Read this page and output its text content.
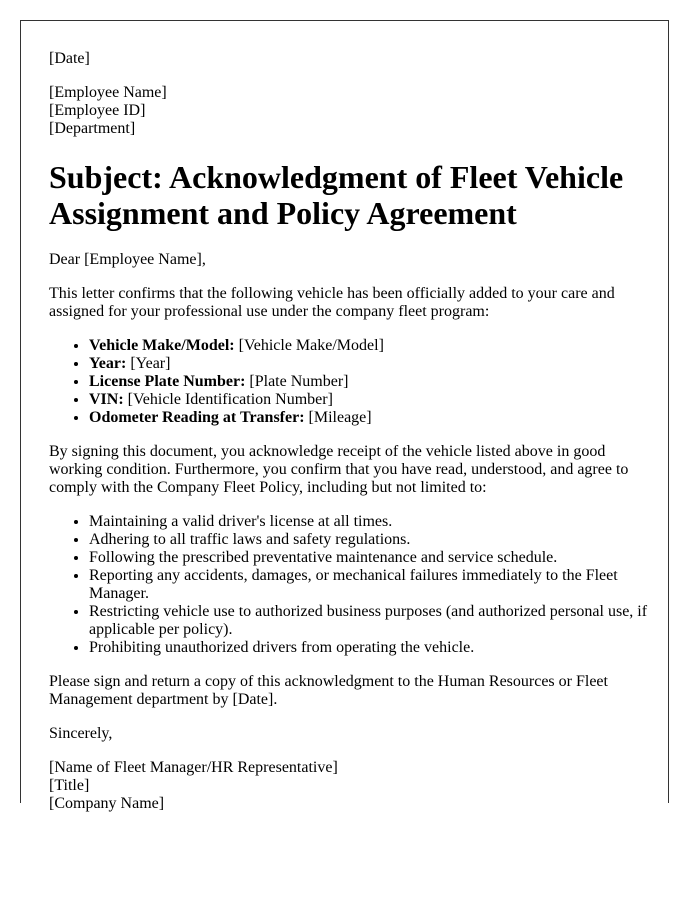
[Date]

[Employee Name]
[Employee ID]
[Department]

Subject: Acknowledgment of Fleet Vehicle Assignment and Policy Agreement

Dear [Employee Name],

This letter confirms that the following vehicle has been officially added to your care and assigned for your professional use under the company fleet program:

• Vehicle Make/Model: [Vehicle Make/Model]
• Year: [Year]
• License Plate Number: [Plate Number]
• VIN: [Vehicle Identification Number]
• Odometer Reading at Transfer: [Mileage]

By signing this document, you acknowledge receipt of the vehicle listed above in good working condition. Furthermore, you confirm that you have read, understood, and agree to comply with the Company Fleet Policy, including but not limited to:

• Maintaining a valid driver's license at all times.
• Adhering to all traffic laws and safety regulations.
• Following the prescribed preventative maintenance and service schedule.
• Reporting any accidents, damages, or mechanical failures immediately to the Fleet Manager.
• Restricting vehicle use to authorized business purposes (and authorized personal use, if applicable per policy).
• Prohibiting unauthorized drivers from operating the vehicle.

Please sign and return a copy of this acknowledgment to the Human Resources or Fleet Management department by [Date].

Sincerely,

[Name of Fleet Manager/HR Representative]
[Title]
[Company Name]
